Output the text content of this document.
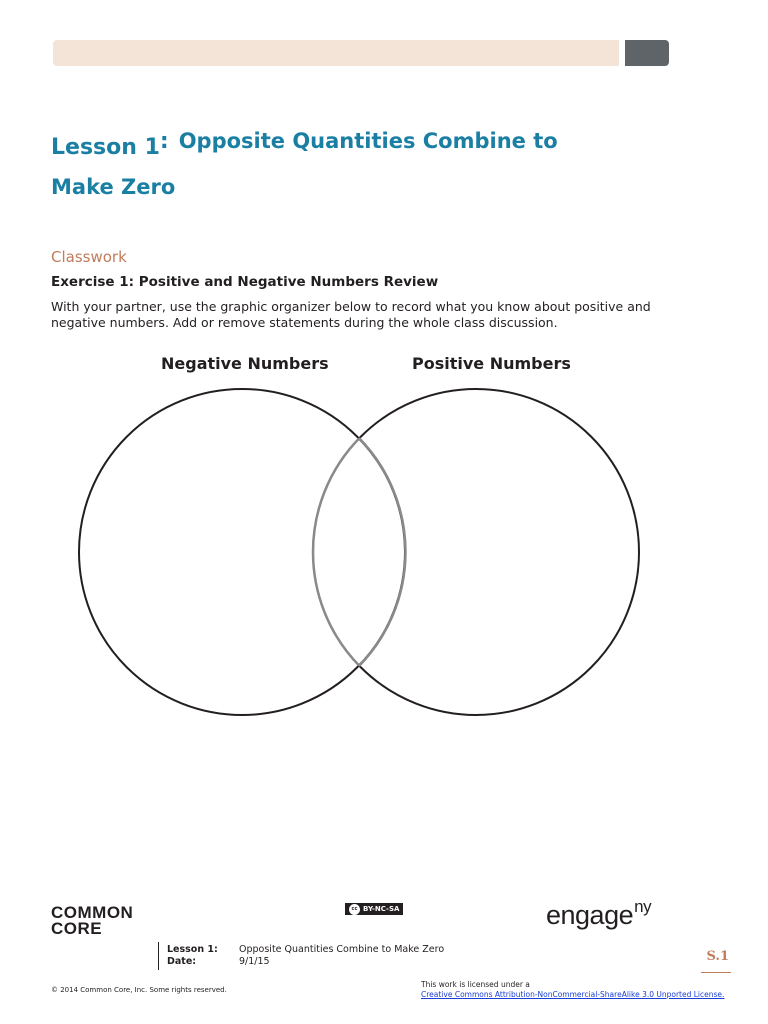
Lesson 1: Opposite Quantities Combine to
Make Zero
Classwork
Exercise 1: Positive and Negative Numbers Review
With your partner, use the graphic organizer below to record what you know about positive and negative numbers. Add or remove statements during the whole class discussion.
Negative Numbers	Positive Numbers
COMMON
CORE
cc BY-NC-SA	engage$^{ny}$
Lesson 1: Opposite Quantities Combine to Make Zero
Date:	9/1/15	S.1
© 2014 Common Core, Inc. Some rights reserved.
This work is licensed under a
Creative Commons Attribution-NonCommercial-ShareAlike 3.0 Unported License.
